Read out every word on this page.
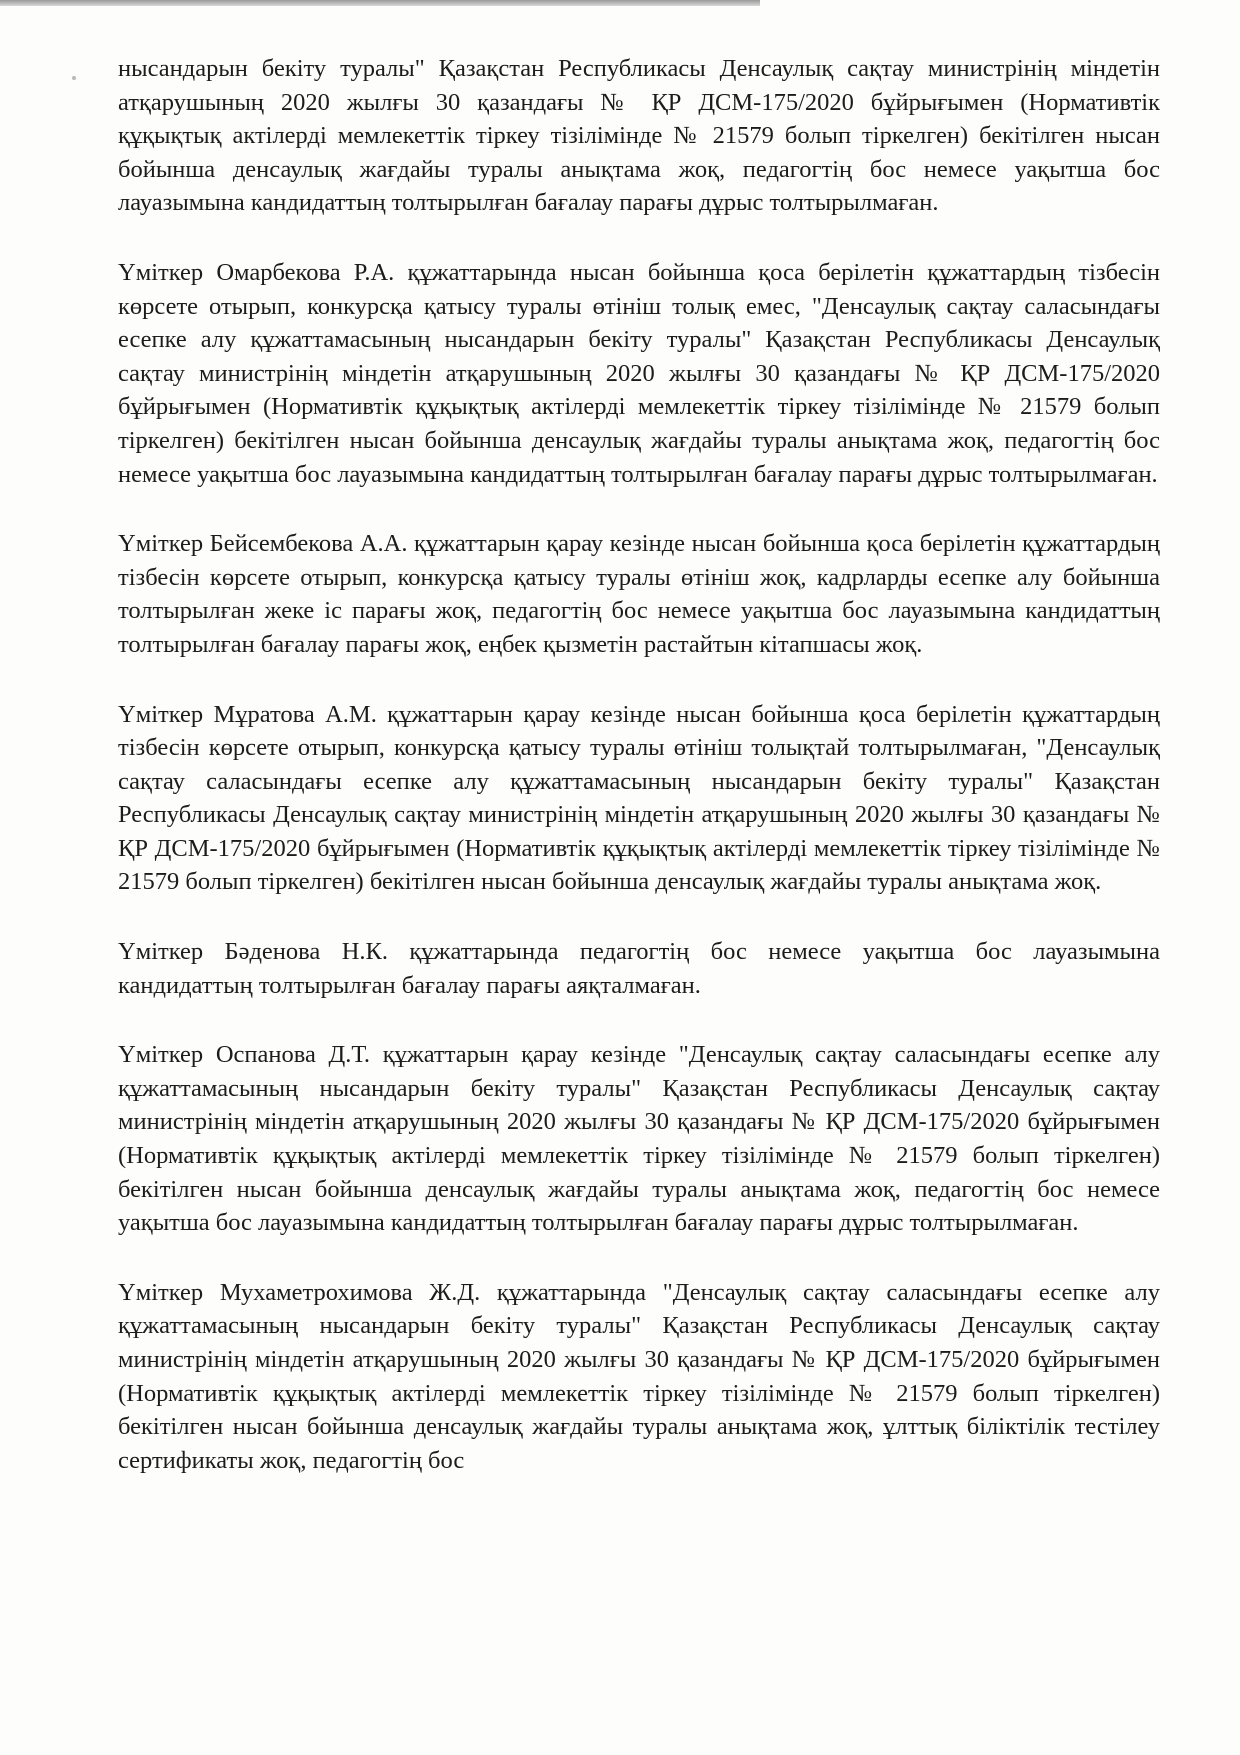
нысандарын бекіту туралы" Қазақстан Республикасы Денсаулық сақтау министрінің міндетін атқарушының 2020 жылғы 30 қазандағы № ҚР ДСМ-175/2020 бұйрығымен (Нормативтік құқықтық актілерді мемлекеттік тіркеу тізілімінде № 21579 болып тіркелген) бекітілген нысан бойынша денсаулық жағдайы туралы анықтама жоқ, педагогтің бос немесе уақытша бос лауазымына кандидаттың толтырылған бағалау парағы дұрыс толтырылмаған.

Үміткер Омарбекова Р.А. құжаттарында нысан бойынша қоса берілетін құжаттардың тізбесін көрсете отырып, конкурсқа қатысу туралы өтініш толық емес, "Денсаулық сақтау саласындағы есепке алу құжаттамасының нысандарын бекіту туралы" Қазақстан Республикасы Денсаулық сақтау министрінің міндетін атқарушының 2020 жылғы 30 қазандағы № ҚР ДСМ-175/2020 бұйрығымен (Нормативтік құқықтық актілерді мемлекеттік тіркеу тізілімінде № 21579 болып тіркелген) бекітілген нысан бойынша денсаулық жағдайы туралы анықтама жоқ, педагогтің бос немесе уақытша бос лауазымына кандидаттың толтырылған бағалау парағы дұрыс толтырылмаған.

Үміткер Бейсембекова А.А. құжаттарын қарау кезінде нысан бойынша қоса берілетін құжаттардың тізбесін көрсете отырып, конкурсқа қатысу туралы өтініш жоқ, кадрларды есепке алу бойынша толтырылған жеке іс парағы жоқ, педагогтің бос немесе уақытша бос лауазымына кандидаттың толтырылған бағалау парағы жоқ, еңбек қызметін растайтын кітапшасы жоқ.

Үміткер Мұратова А.М. құжаттарын қарау кезінде нысан бойынша қоса берілетін құжаттардың тізбесін көрсете отырып, конкурсқа қатысу туралы өтініш толықтай толтырылмаған, "Денсаулық сақтау саласындағы есепке алу құжаттамасының нысандарын бекіту туралы" Қазақстан Республикасы Денсаулық сақтау министрінің міндетін атқарушының 2020 жылғы 30 қазандағы № ҚР ДСМ-175/2020 бұйрығымен (Нормативтік құқықтық актілерді мемлекеттік тіркеу тізілімінде № 21579 болып тіркелген) бекітілген нысан бойынша денсаулық жағдайы туралы анықтама жоқ.

Үміткер Бәденова Н.К. құжаттарында педагогтің бос немесе уақытша бос лауазымына кандидаттың толтырылған бағалау парағы аяқталмаған.

Үміткер Оспанова Д.Т. құжаттарын қарау кезінде "Денсаулық сақтау саласындағы есепке алу құжаттамасының нысандарын бекіту туралы" Қазақстан Республикасы Денсаулық сақтау министрінің міндетін атқарушының 2020 жылғы 30 қазандағы № ҚР ДСМ-175/2020 бұйрығымен (Нормативтік құқықтық актілерді мемлекеттік тіркеу тізілімінде № 21579 болып тіркелген) бекітілген нысан бойынша денсаулық жағдайы туралы анықтама жоқ, педагогтің бос немесе уақытша бос лауазымына кандидаттың толтырылған бағалау парағы дұрыс толтырылмаған.

Үміткер Мухаметрохимова Ж.Д. құжаттарында "Денсаулық сақтау саласындағы есепке алу құжаттамасының нысандарын бекіту туралы" Қазақстан Республикасы Денсаулық сақтау министрінің міндетін атқарушының 2020 жылғы 30 қазандағы № ҚР ДСМ-175/2020 бұйрығымен (Нормативтік құқықтық актілерді мемлекеттік тіркеу тізілімінде № 21579 болып тіркелген) бекітілген нысан бойынша денсаулық жағдайы туралы анықтама жоқ, ұлттық біліктілік тестілеу сертификаты жоқ, педагогтің бос
